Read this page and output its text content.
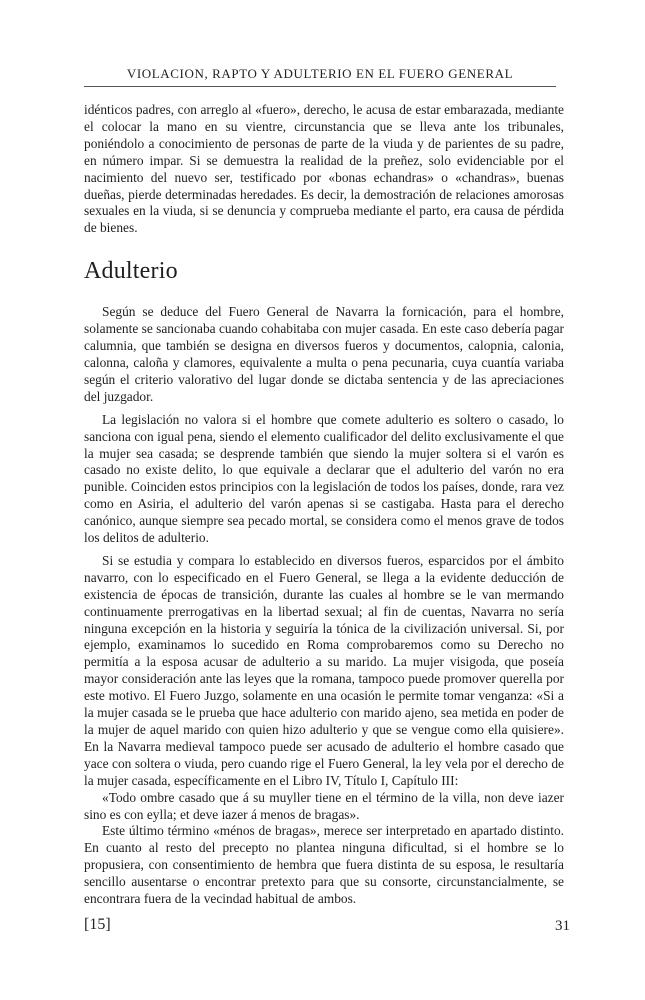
VIOLACION, RAPTO Y ADULTERIO EN EL FUERO GENERAL

idénticos padres, con arreglo al «fuero», derecho, le acusa de estar embarazada, mediante el colocar la mano en su vientre, circunstancia que se lleva ante los tribunales, poniéndolo a conocimiento de personas de parte de la viuda y de parientes de su padre, en número impar. Si se demuestra la realidad de la preñez, solo evidenciable por el nacimiento del nuevo ser, testificado por «bonas echandras» o «chandras», buenas dueñas, pierde determinadas heredades. Es decir, la demostración de relaciones amorosas sexuales en la viuda, si se denuncia y comprueba mediante el parto, era causa de pérdida de bienes.

Adulterio

Según se deduce del Fuero General de Navarra la fornicación, para el hombre, solamente se sancionaba cuando cohabitaba con mujer casada. En este caso debería pagar calumnia, que también se designa en diversos fueros y documentos, calopnia, calonia, calonna, caloña y clamores, equivalente a multa o pena pecunaria, cuya cuantía variaba según el criterio valorativo del lugar donde se dictaba sentencia y de las apreciaciones del juzgador.

La legislación no valora si el hombre que comete adulterio es soltero o casado, lo sanciona con igual pena, siendo el elemento cualificador del delito exclusivamente el que la mujer sea casada; se desprende también que siendo la mujer soltera si el varón es casado no existe delito, lo que equivale a declarar que el adulterio del varón no era punible. Coinciden estos principios con la legislación de todos los países, donde, rara vez como en Asiria, el adulterio del varón apenas si se castigaba. Hasta para el derecho canónico, aunque siempre sea pecado mortal, se considera como el menos grave de todos los delitos de adulterio.

Si se estudia y compara lo establecido en diversos fueros, esparcidos por el ámbito navarro, con lo especificado en el Fuero General, se llega a la evidente deducción de existencia de épocas de transición, durante las cuales al hombre se le van mermando continuamente prerrogativas en la libertad sexual; al fin de cuentas, Navarra no sería ninguna excepción en la historia y seguiría la tónica de la civilización universal. Si, por ejemplo, examinamos lo sucedido en Roma comprobaremos como su Derecho no permitía a la esposa acusar de adulterio a su marido. La mujer visigoda, que poseía mayor consideración ante las leyes que la romana, tampoco puede promover querella por este motivo. El Fuero Juzgo, solamente en una ocasión le permite tomar venganza: «Si a la mujer casada se le prueba que hace adulterio con marido ajeno, sea metida en poder de la mujer de aquel marido con quien hizo adulterio y que se vengue como ella quisiere». En la Navarra medieval tampoco puede ser acusado de adulterio el hombre casado que yace con soltera o viuda, pero cuando rige el Fuero General, la ley vela por el derecho de la mujer casada, específicamente en el Libro IV, Título I, Capítulo III:

«Todo ombre casado que á su muyller tiene en el término de la villa, non deve iazer sino es con eylla; et deve iazer á menos de bragas».

Este último término «ménos de bragas», merece ser interpretado en apartado distinto. En cuanto al resto del precepto no plantea ninguna dificultad, si el hombre se lo propusiera, con consentimiento de hembra que fuera distinta de su esposa, le resultaría sencillo ausentarse o encontrar pretexto para que su consorte, circunstancialmente, se encontrara fuera de la vecindad habitual de ambos.

[15]	31
